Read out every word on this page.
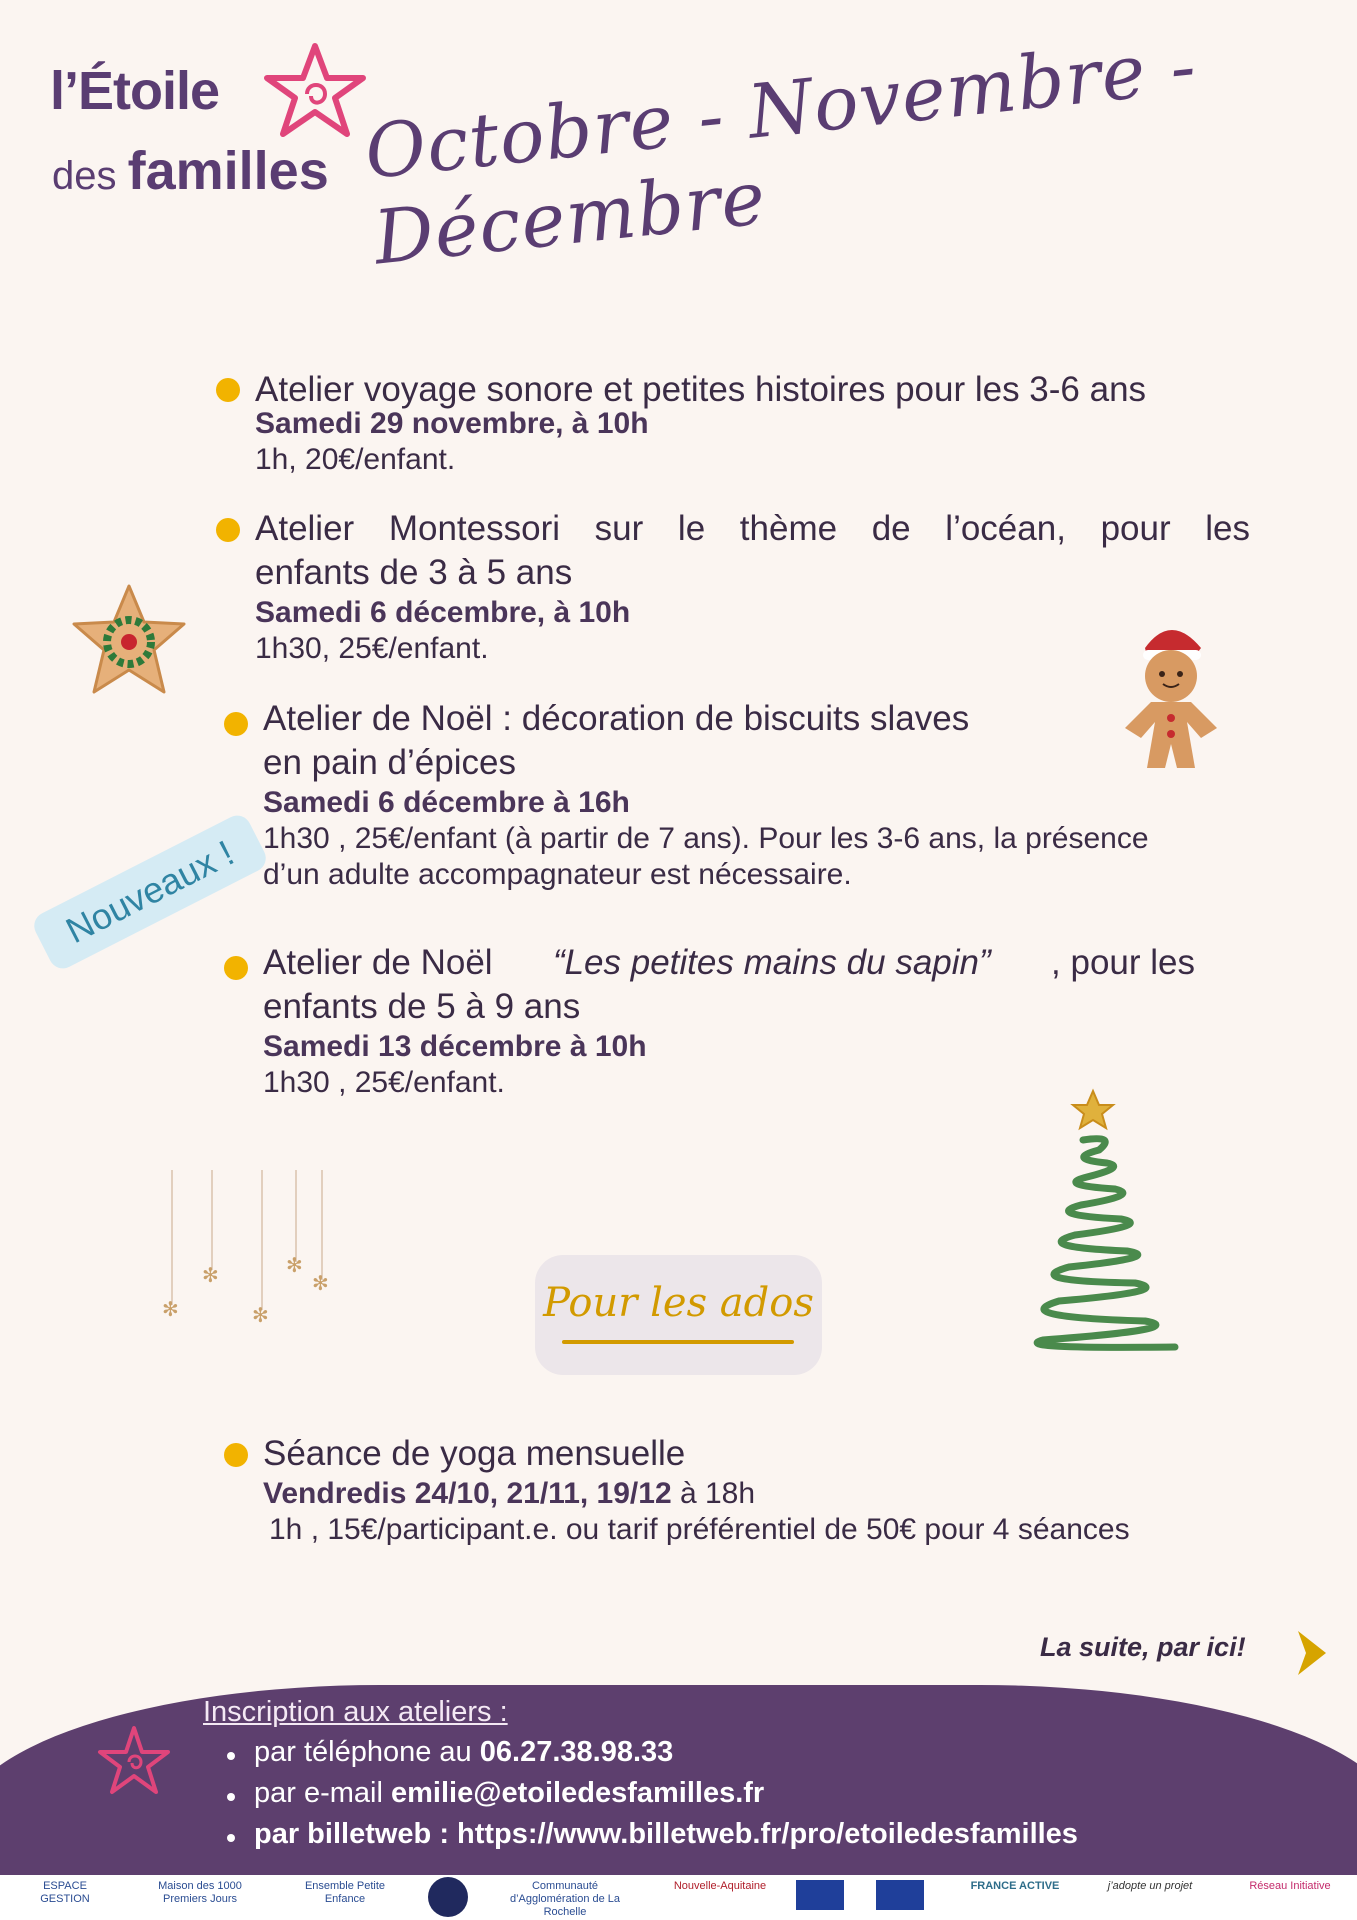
l’Étoile
des familles Octobre - Novembre - Décembre
Atelier voyage sonore et petites histoires pour les 3-6 ans
Samedi 29 novembre, à 10h
1h, 20€/enfant.
Atelier Montessori sur le thème de l’océan, pour les
enfants de 3 à 5 ans
Samedi 6 décembre, à 10h
1h30, 25€/enfant.
Atelier de Noël : décoration de biscuits slaves
en pain d’épices
Samedi 6 décembre à 16h
1h30 , 25€/enfant (à partir de 7 ans). Pour les 3-6 ans, la présence
d’un adulte accompagnateur est nécessaire.
Atelier de Noël “Les petites mains du sapin” , pour les
enfants de 5 à 9 ans
Samedi 13 décembre à 10h
1h30 , 25€/enfant.
Nouveaux !
✻
✻
✻
✻
✻	Pour les ados
Séance de yoga mensuelle
Vendredis 24/10, 21/11, 19/12 à 18h
1h , 15€/participant.e. ou tarif préférentiel de 50€ pour 4 séances
La suite, par ici!
Inscription aux ateliers :
par téléphone au 06.27.38.98.33
par e-mail emilie@etoiledesfamilles.fr
par billetweb : https://www.billetweb.fr/pro/etoiledesfamilles
ESPACE GESTION
Maison des 1000 Premiers Jours
Ensemble Petite Enfance
Communauté d’Agglomération de La Rochelle
Nouvelle-Aquitaine	FRANCE ACTIVE	j’adopte un projet	Réseau Initiative
